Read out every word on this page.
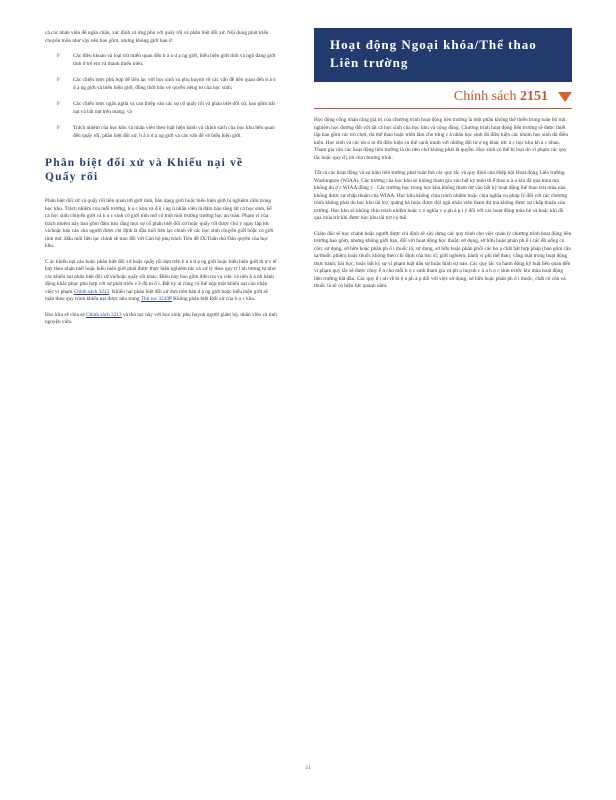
cả các nhân viên để ngăn chặn, xác định và ứng phó với quấy rối và phân biệt đối xử. Nội dung phát triển chuyên môn như vậy nên bao gồm, nhưng không giới hạn ở:

F Các điều khoản và loại trừ miễn quan đến b ả n d ạ ng giới, biểu hiện giới tính và ngủ đang giới tính ở trẻ em và thanh thiếu niên;
F Các chiến lược phù hợp để liên lạc với học sinh và phụ huynh về các vấn đề liên quan đến b ả n d ạ ng giới và biểu hiện giới, đồng thời bảo vệ quyền riêng tư của học sinh;
F Các chiến lược ngăn ngừa và can thiệp vào các sự cố quấy rối và phân biệt đối xử, bao gồm bắt nạt và bắt nạt trên mạng; và
F Trách nhiệm của học khu và nhân viên theo luật hiện hành và chính sách của học khu liên quan đến quấy rối, phân biệt đối xử, b ả n d ạ ng giới và các vấn đề về biểu hiện giới.
Phân biệt đối xử và Khiếu nại về Quấy rối

Phân biệt đối xử và quấy rối liên quan tới giới tính, bản dạng giới hoặc biểu hiện giới bị nghiêm cấm trong học khu. Trách nhiệm của mỗi trường, h ọ c khu và đ ộ i ng ũ nhân viên là đảm bảo rằng tất cả học sinh, kể cả học sinh chuyển giới và h ọ c sinh có giới tính mở có một môi trường trường học an toàn. Phạm vi của trách nhiệm này bao gồm đảm bảo rằng mọi sự cố phân biệt đối xử hoặc quấy rối được chú ý ngay lập tức và/hoặc báo cáo cho người được chỉ định là đầu mối liên lạc chính về các học sinh chuyển giới hoặc có giới tính mở. Đầu mối liên lạc chính sẽ trao đổi với Cán bộ phụ trách Tiêu đề IX/Tuân thủ Dân quyền của học khu.

C ác khiếu nại cáo buộc phân biệt đối xử hoặc quấy rối dựa trên b ả n d ạ ng giới hoặc biểu hiện giới th ự c tế hay theo nhận biết hoặc biểu hiện giới phải được thực hiện nghiêm túc và xử lý theo quy tr ì nh tương tự như các khiếu nại phân biệt đối xử và/hoặc quấy rối khác. Điều này bao gồm điều tra vụ việc và tiến h à nh hành động khắc phục phù hợp với sự phát triển v ề độ tu ổ i. Bất kỳ ai cũng có thể nộp một khiếu nại cáo nhận việc vi phạm Chính sách 3213. Khiếu nại phân biệt đối xử dựa trên bản d ạ ng giới hoặc biểu hiện giới sẽ tuân theo quy trình khiếu nại được nêu trong Thủ tục 3210P Không phân biệt Đối xử của h ọ c khu.

Học khu sẽ chia sẻ Chính sách 3213 và thủ tục này với học sinh, phụ huynh người giám hộ, nhân viên và tình nguyện viên.

Hoạt động Ngoại khóa/Thể thao Liên trường
Chính sách 2151

Học động công nhận rằng giá trị của chương trình hoạt động liên trường là một phần không thể thiếu trong toàn bộ trải nghiệm học đường đối với tất cả học sinh của học khu và cộng đồng. Chương trình hoạt động liên trường sẽ được thiết lập bao gồm các trò chơi, thi thể thao hoặc triển lãm cho từng c ả nhân học sinh đủ điều kiện các nhóm học sinh đủ điều kiện. Học sinh và các nh ó m đủ điều kiện có thể cạnh tranh với những đối tư ợ ng khác tức ả c học khu kh á c nhau. Tham gia vào các hoạt động liên trường là ưu tiên chứ không phải là quyền. Học sinh có thể bị loại do vi phạm các quy tắc hoặc quy đ ị nh của chương trình.

Tất cả các hoạt động và sự kiện liên trường phải tuân thủ các quy tắc và quy định của Hiệp hội Hoạt động Liên trường Washington (WIAA). Các trường của học khu sẽ không tham gia vào bất kỳ môn th ể thao n à o khi đã qua mùa mà không du ợ c WIAA đồng ý . Các trường học trong học khu không tham dự vào bất kỳ hoạt động thể thao trái mùa nào không được sự chấp thuận của WIAA. Học khu không chịu trách nhiệm hoặc chịu nghĩa vụ pháp lý đối với các chương trình không phải do học khu tài trợ, quảng bá hoặc được đội ngũ nhân viên tham dự mà không được sự chấp thuận của trường. Học khu sẽ không chịu trách nhiệm hoặc c ó nghĩa v ụ ph á p l ý đối với các hoạt động mùa hè và hoặc khi đã qua mùa trừ khi được học khu tài trợ cụ thể.

Giám đốc sẽ học chánh hoặc người được chỉ định sẽ xây dựng các quy trình cho việc quản lý chương trình hoạt động liên trường bao gồm, nhưng không giới hạn, đối với hoạt động học thuật; sử dụng, sở hữu hoặc phân ph ố i các đồ uống có cồn; sử dụng, sở hữu hoặc phân ph ố i thuốc lá; sử dụng, sở hữu hoặc phân phối các ho ạ chất bất hợp pháp (bao gồm cần sa/thuốc phiện) hoặc thuốc không theo chỉ định của bác sĩ; giới nghiêm; hành vi phi thể thao; vắng mặt trong hoạt động thực hành; bài học; hoặc bất kỳ sự vi phạm luật dân sự hoặc hình sự nào. Các quy tắc và hành động kỷ luật liên quan đến vi phạm quy tắc sẽ được chuy ể n cho mỗi h ọ c sinh tham gia và ph ụ huynh c ủ a h ọ c sinh trước khi mùa hoạt động liên trường bắt đầu. Các quy đ ị nh về bi ệ n ph á p đối với việc sử dụng, sở hữu hoặc phân ph ố i thuốc, chất có cồn và thuốc lá sẽ có hiệu lực quanh năm.

21
